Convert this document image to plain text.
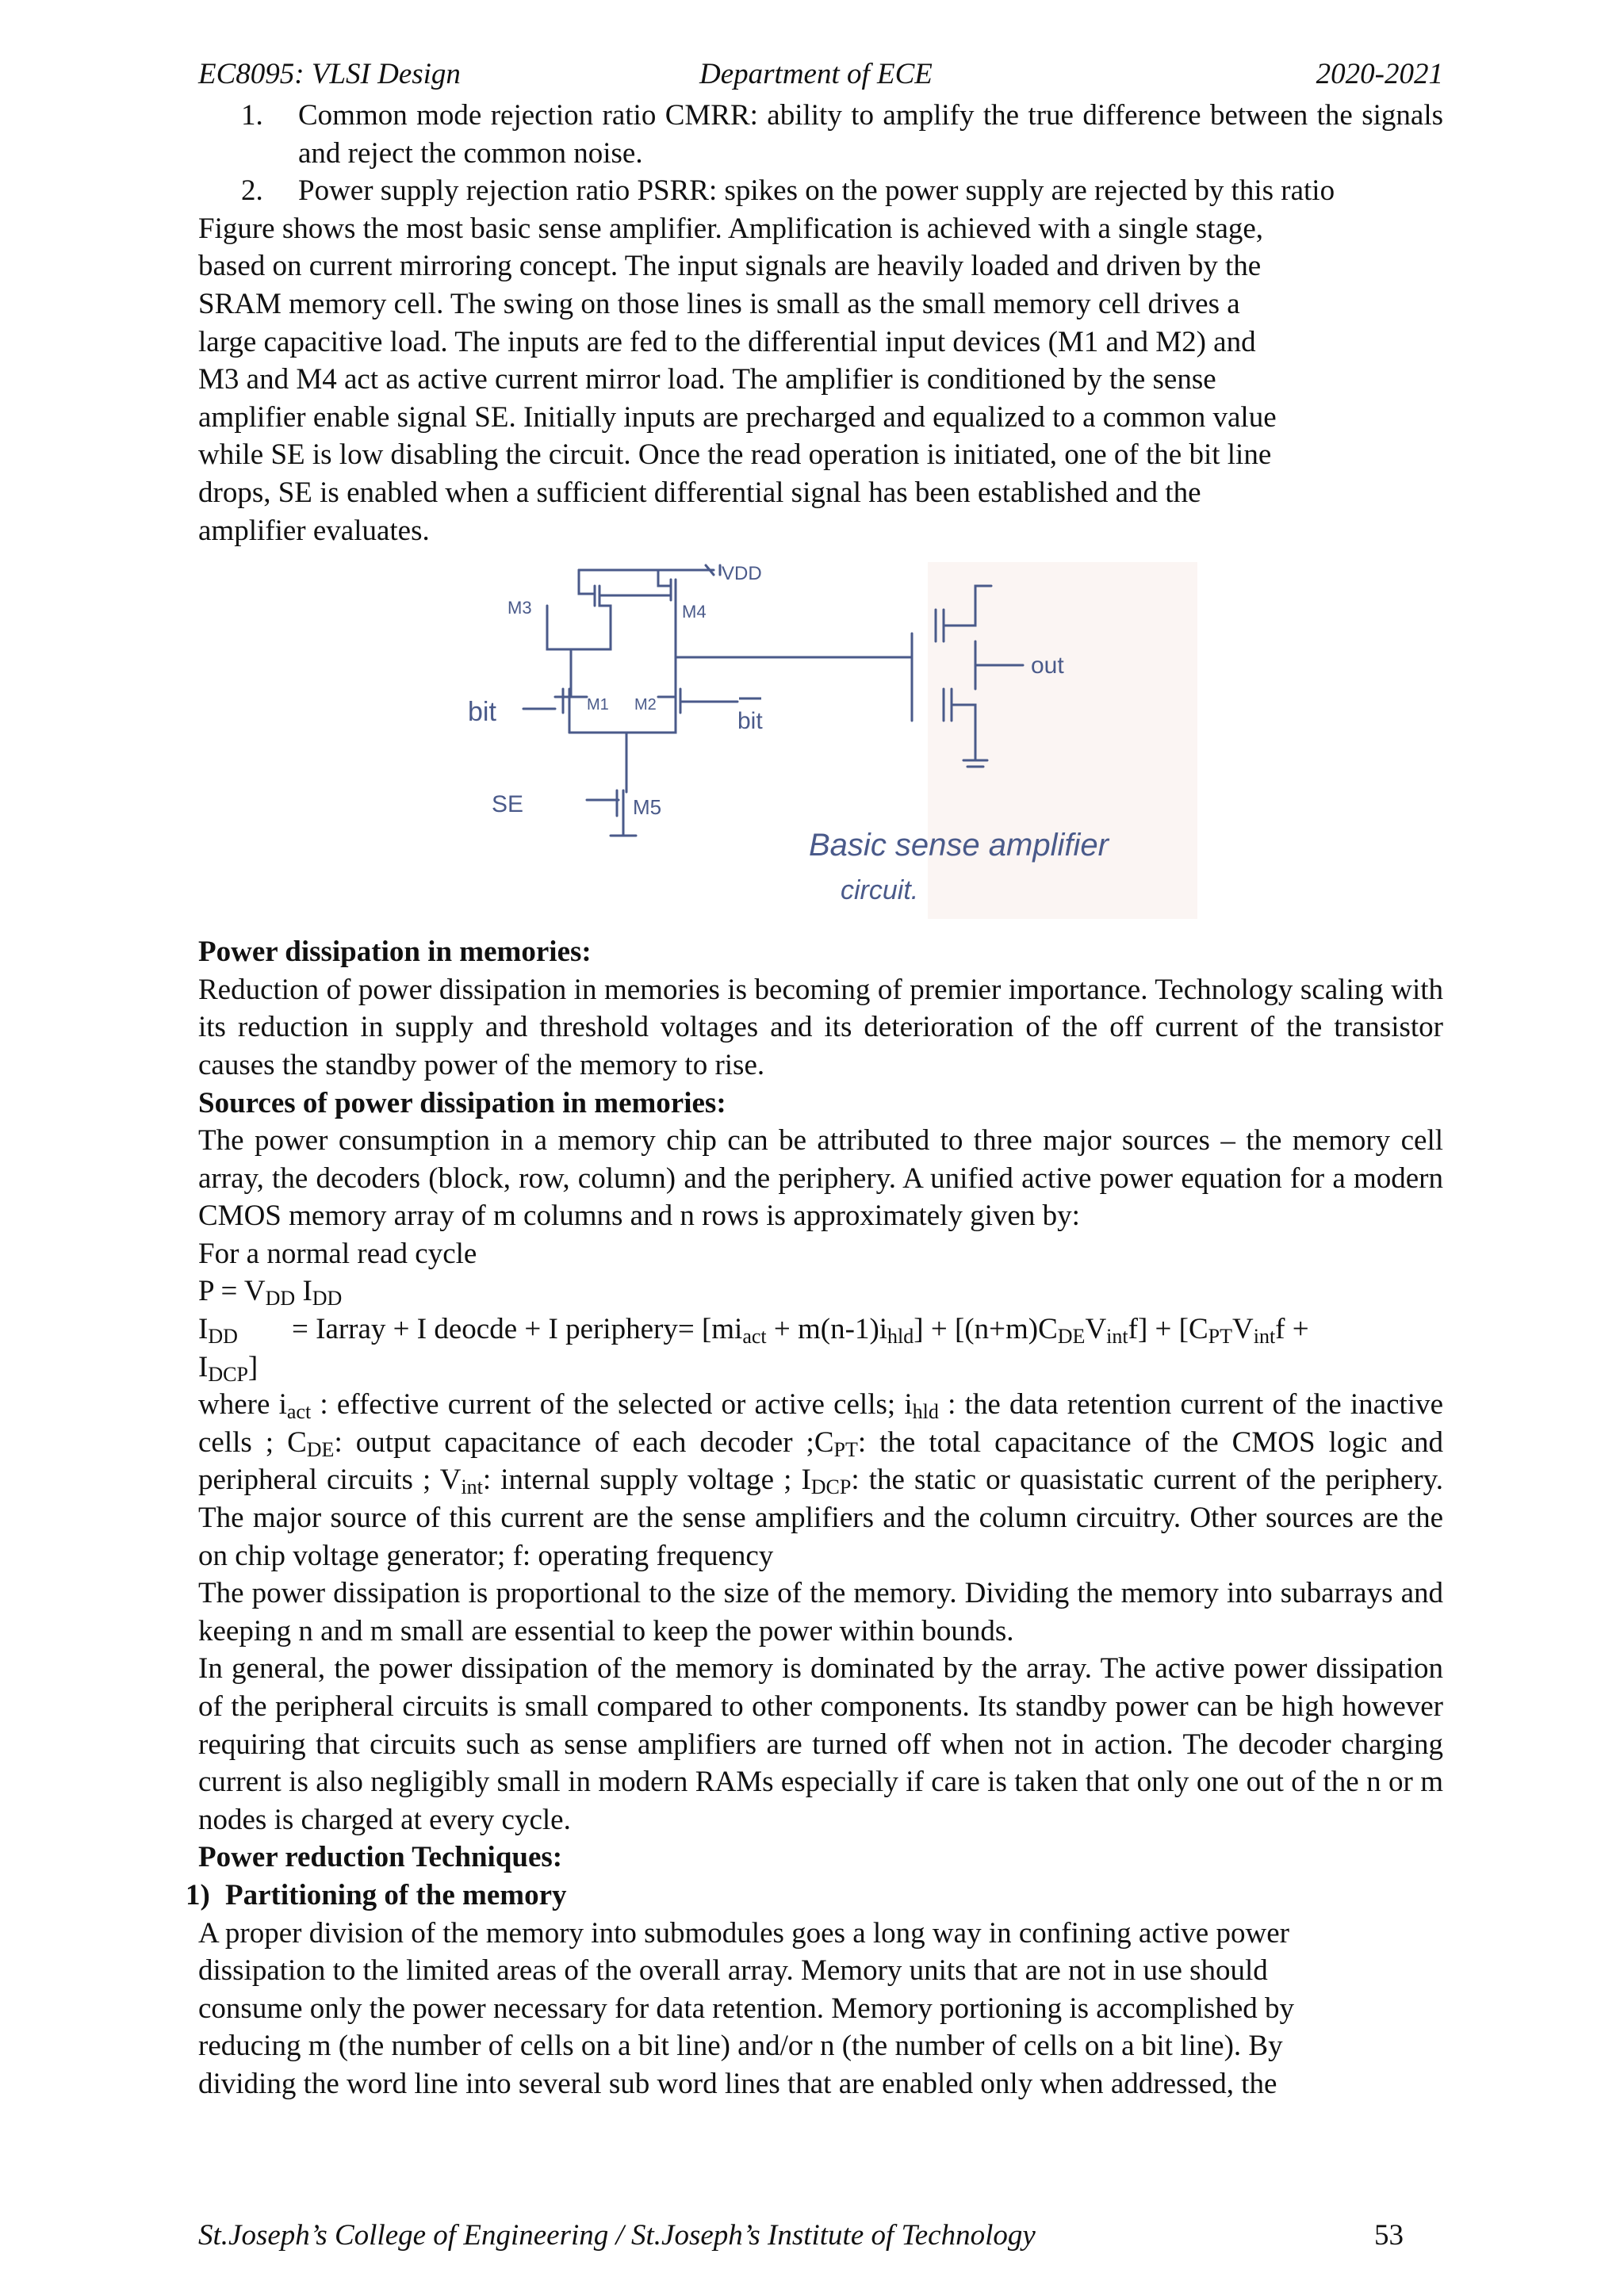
EC8095: VLSI Design	Department of ECE	2020-2021
1. Common mode rejection ratio CMRR: ability to amplify the true difference between the signals and reject the common noise.
2. Power supply rejection ratio PSRR: spikes on the power supply are rejected by this ratio
Figure shows the most basic sense amplifier. Amplification is achieved with a single stage,
based on current mirroring concept. The input signals are heavily loaded and driven by the
SRAM memory cell. The swing on those lines is small as the small memory cell drives a
large capacitive load. The inputs are fed to the differential input devices (M1 and M2) and
M3 and M4 act as active current mirror load. The amplifier is conditioned by the sense
amplifier enable signal SE. Initially inputs are precharged and equalized to a common value
while SE is low disabling the circuit. Once the read operation is initiated, one of the bit line
drops, SE is enabled when a sufficient differential signal has been established and the
amplifier evaluates.
VDD
M3	M4
M1 M2
M5
bit	bit
SE
out
Basic sense amplifier
circuit.
Power dissipation in memories:

Reduction of power dissipation in memories is becoming of premier importance. Technology scaling with its reduction in supply and threshold voltages and its deterioration of the off current of the transistor causes the standby power of the memory to rise.

Sources of power dissipation in memories:

The power consumption in a memory chip can be attributed to three major sources – the memory cell array, the decoders (block, row, column) and the periphery. A unified active power equation for a modern CMOS memory array of m columns and n rows is approximately given by:

For a normal read cycle
$P = V_{DD}$ $I_{DD}$
$I_{DD}$ = Iarray + I deocde + I periphery= $[mi_{act} + m(n-1)i_{hld}] + [(n+m)C_{DE}V_{int}f] + [C_{PT}V_{int}f$ +
$I_{DCP}$]

where $i_{act}$ : effective current of the selected or active cells; $i_{hld}$ : the data retention current of the inactive cells ; $C_{DE}$: output capacitance of each decoder $;C_{PT}$: the total capacitance of the CMOS logic and peripheral circuits ; $V_{int}$: internal supply voltage ; $I_{DCP}$: the static or quasistatic current of the periphery. The major source of this current are the sense amplifiers and the column circuitry. Other sources are the on chip voltage generator; f: operating frequency

The power dissipation is proportional to the size of the memory. Dividing the memory into subarrays and keeping n and m small are essential to keep the power within bounds.

In general, the power dissipation of the memory is dominated by the array. The active power dissipation of the peripheral circuits is small compared to other components. Its standby power can be high however requiring that circuits such as sense amplifiers are turned off when not in action. The decoder charging current is also negligibly small in modern RAMs especially if care is taken that only one out of the n or m nodes is charged at every cycle.

Power reduction Techniques:
1) Partitioning of the memory
A proper division of the memory into submodules goes a long way in confining active power
dissipation to the limited areas of the overall array. Memory units that are not in use should
consume only the power necessary for data retention. Memory portioning is accomplished by
reducing m (the number of cells on a bit line) and/or n (the number of cells on a bit line). By
dividing the word line into several sub word lines that are enabled only when addressed, the
St.Joseph’s College of Engineering / St.Joseph’s Institute of Technology	53
